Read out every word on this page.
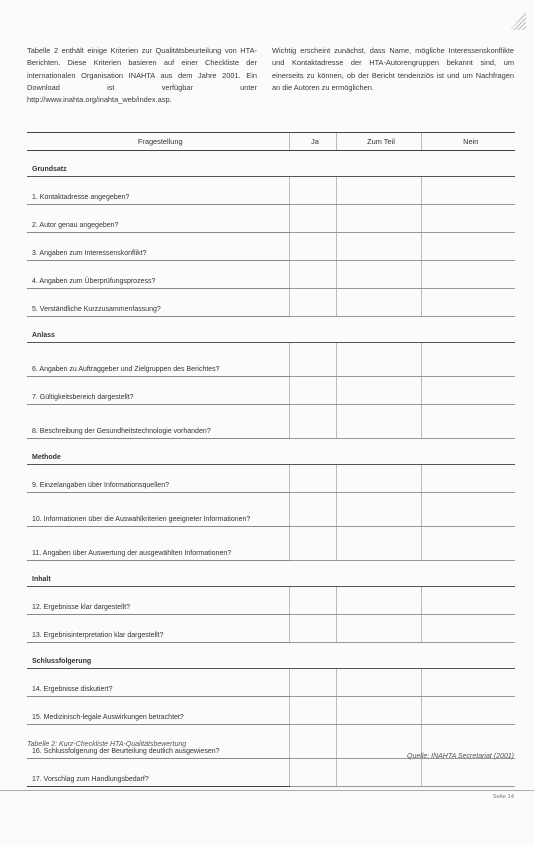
Tabelle 2 enthält einige Kriterien zur Qualitätsbeurteilung von HTA-Berichten. Diese Kriterien basieren auf einer Checkliste der internationalen Organisation INAHTA aus dem Jahre 2001. Ein Download ist verfügbar unter http://www.inahta.org/inahta_web/index.asp.

Wichtig erscheint zunächst, dass Name, mögliche Interessenskonflikte und Kontaktadresse der HTA-Autorengruppen bekannt sind, um einerseits zu können, ob der Bericht tendenziös ist und um Nachfragen an die Autoren zu ermöglichen.

Fragestellung	Ja	Zum Teil	Nein
Grundsatz			
1. Kontaktadresse angegeben?			
2. Autor genau angegeben?			
3. Angaben zum Interessenskonflikt?			
4. Angaben zum Überprüfungsprozess?			
5. Verständliche Kurzzusammenfassung?			
Anlass			
6. Angaben zu Auftraggeber und Zielgruppen des Berichtes?			
7. Gültigkeitsbereich dargestellt?			
8. Beschreibung der Gesundheitstechnologie vorhanden?			
Methode			
9. Einzelangaben über Informationsquellen?			
10. Informationen über die Auswahlkriterien geeigneter Informationen?			
11. Angaben über Auswertung der ausgewählten Informationen?			
Inhalt			
12. Ergebnisse klar dargestellt?			
13. Ergebnisinterpretation klar dargestellt?			
Schlussfolgerung			
14. Ergebnisse diskutiert?			
15. Medizinisch-legale Auswirkungen betrachtet?			
16. Schlussfolgerung der Beurteilung deutlich ausgewiesen?			
17. Vorschlag zum Handlungsbedarf?			
Tabelle 2: Kurz-Checkliste HTA-Qualitätsbewertung
Quelle: INAHTA Secretariat (2001)
Seite 14
